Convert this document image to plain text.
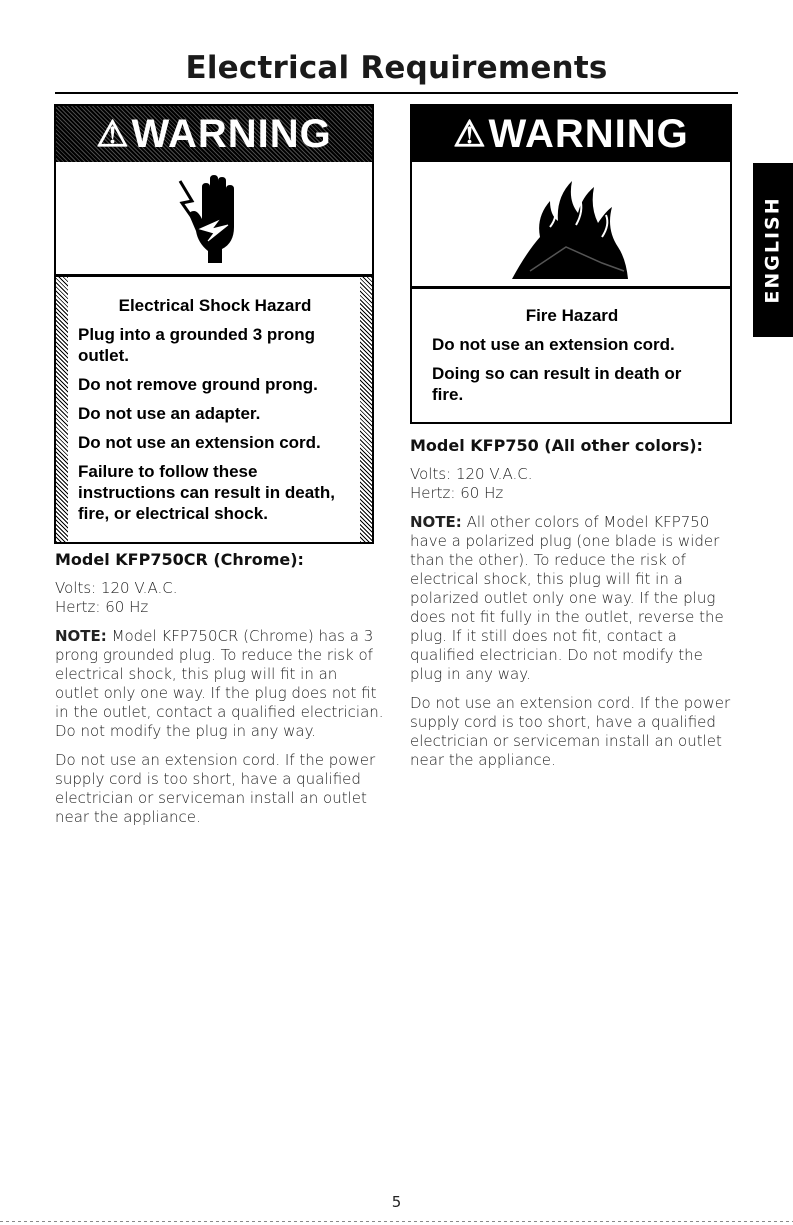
Electrical Requirements
ENGLISH
⚠ WARNING
Electrical Shock Hazard

Plug into a grounded 3 prong outlet.

Do not remove ground prong.

Do not use an adapter.

Do not use an extension cord.

Failure to follow these instructions can result in death, fire, or electrical shock.

⚠ WARNING
Fire Hazard

Do not use an extension cord.

Doing so can result in death or fire.

Model KFP750CR (Chrome):
Volts: 120 V.A.C.
Hertz: 60 Hz
NOTE: Model KFP750CR (Chrome) has a 3 prong grounded plug. To reduce the risk of electrical shock, this plug will fit in an outlet only one way. If the plug does not fit in the outlet, contact a qualified electrician. Do not modify the plug in any way.
Do not use an extension cord. If the power supply cord is too short, have a qualified electrician or serviceman install an outlet near the appliance.
Model KFP750 (All other colors):
Volts: 120 V.A.C.
Hertz: 60 Hz
NOTE: All other colors of Model KFP750 have a polarized plug (one blade is wider than the other). To reduce the risk of electrical shock, this plug will fit in a polarized outlet only one way. If the plug does not fit fully in the outlet, reverse the plug. If it still does not fit, contact a qualified electrician. Do not modify the plug in any way.
Do not use an extension cord. If the power supply cord is too short, have a qualified electrician or serviceman install an outlet near the appliance.
5
